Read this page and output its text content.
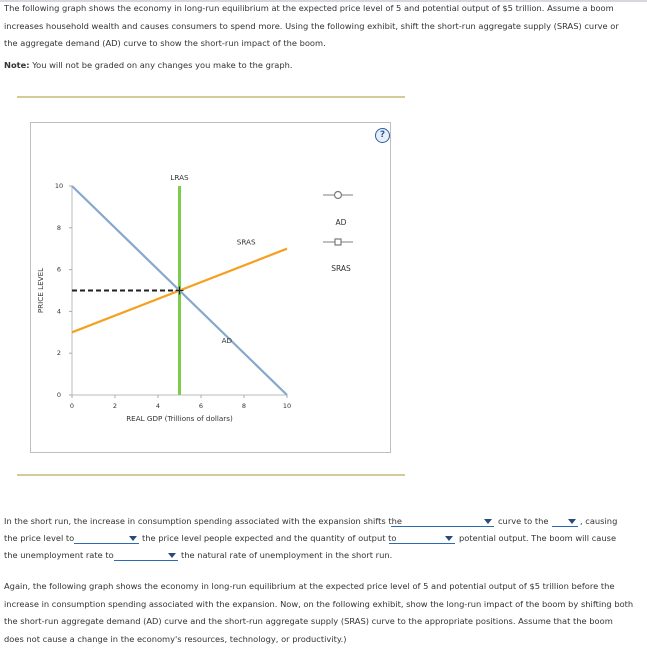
The following graph shows the economy in long-run equilibrium at the expected price level of 5 and potential output of $5 trillion. Assume a boom increases household wealth and causes consumers to spend more. Using the following exhibit, shift the short-run aggregate supply (SRAS) curve or the aggregate demand (AD) curve to show the short-run impact of the boom.

Note: You will not be graded on any changes you make to the graph.

?
0	2	4	6	8	10
0
2
4
6
8
10
REAL GDP (Trillions of dollars)
PRICE LEVEL
LRAS
SRAS
AD
AD
SRAS
In the short run, the increase in consumption spending associated with the expansion shifts the	curve to the	, causing
the price level to	the price level people expected and the quantity of output to	potential output. The boom will cause
the unemployment rate to	the natural rate of unemployment in the short run.

Again, the following graph shows the economy in long-run equilibrium at the expected price level of 5 and potential output of $5 trillion before the increase in consumption spending associated with the expansion. Now, on the following exhibit, show the long-run impact of the boom by shifting both the short-run aggregate demand (AD) curve and the short-run aggregate supply (SRAS) curve to the appropriate positions. Assume that the boom does not cause a change in the economy's resources, technology, or productivity.)
